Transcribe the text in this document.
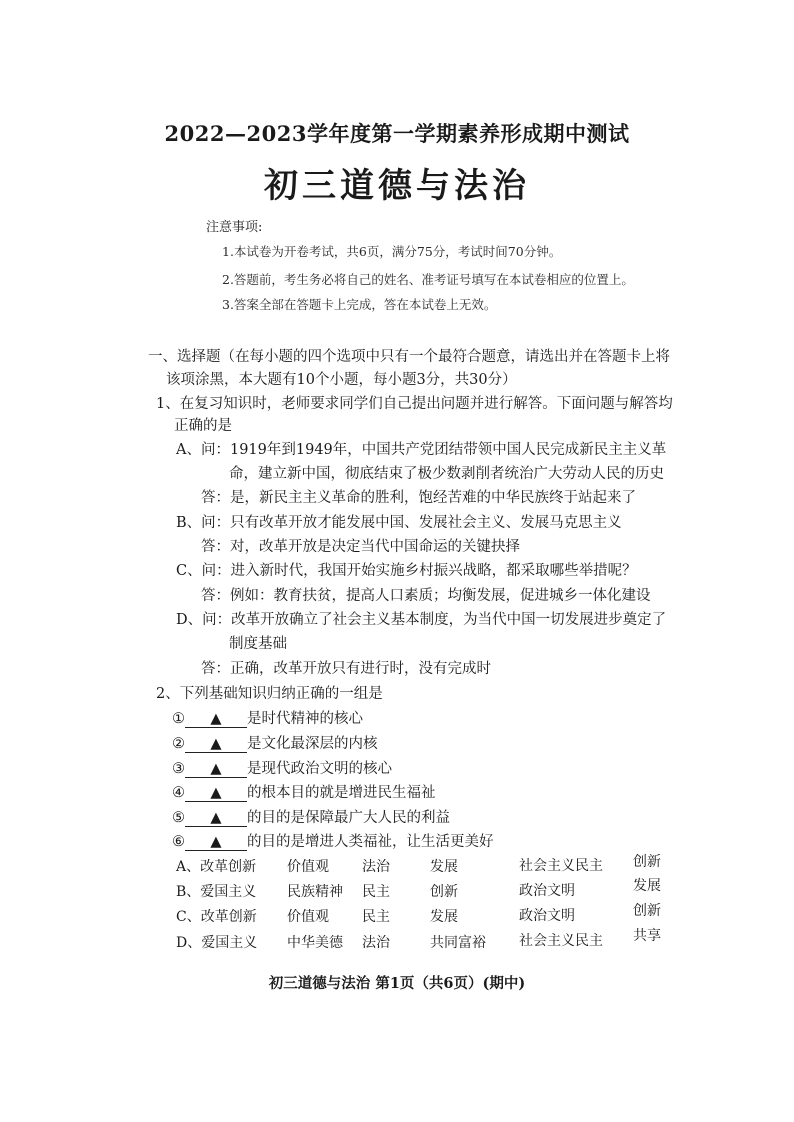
2022—2023学年度第一学期素养形成期中测试
初三道德与法治
注意事项:
1.本试卷为开卷考试，共6页，满分75分，考试时间70分钟。
2.答题前，考生务必将自己的姓名、准考证号填写在本试卷相应的位置上。
3.答案全部在答题卡上完成，答在本试卷上无效。
一、选择题（在每小题的四个选项中只有一个最符合题意，请选出并在答题卡上将
该项涂黑，本大题有10个小题，每小题3分，共30分）
1、在复习知识时，老师要求同学们自己提出问题并进行解答。下面问题与解答均
正确的是
A、问：1919年到1949年，中国共产党团结带领中国人民完成新民主主义革
命，建立新中国，彻底结束了极少数剥削者统治广大劳动人民的历史
答：是，新民主主义革命的胜利，饱经苦难的中华民族终于站起来了
B、问：只有改革开放才能发展中国、发展社会主义、发展马克思主义
答：对，改革开放是决定当代中国命运的关键抉择
C、问：进入新时代，我国开始实施乡村振兴战略，都采取哪些举措呢？
答：例如：教育扶贫，提高人口素质；均衡发展，促进城乡一体化建设
D、问：改革开放确立了社会主义基本制度，为当代中国一切发展进步奠定了
制度基础
答：正确，改革开放只有进行时，没有完成时
2、下列基础知识归纳正确的一组是
① ▲ 是时代精神的核心
② ▲ 是文化最深层的内核
③ ▲ 是现代政治文明的核心
④ ▲ 的根本目的就是增进民生福祉
⑤ ▲ 的目的是保障最广大人民的利益
⑥ ▲ 的目的是增进人类福祉，让生活更美好
A、改革创新 价值观 法治	发展	社会主义民主 创新
B、爱国主义 民族精神 民主	创新	政治文明	发展
C、改革创新 价值观 民主	发展	政治文明	创新
D、爱国主义 中华美德 法治	共同富裕 社会主义民主 共享
初三道德与法治 第1页（共6页）(期中)
